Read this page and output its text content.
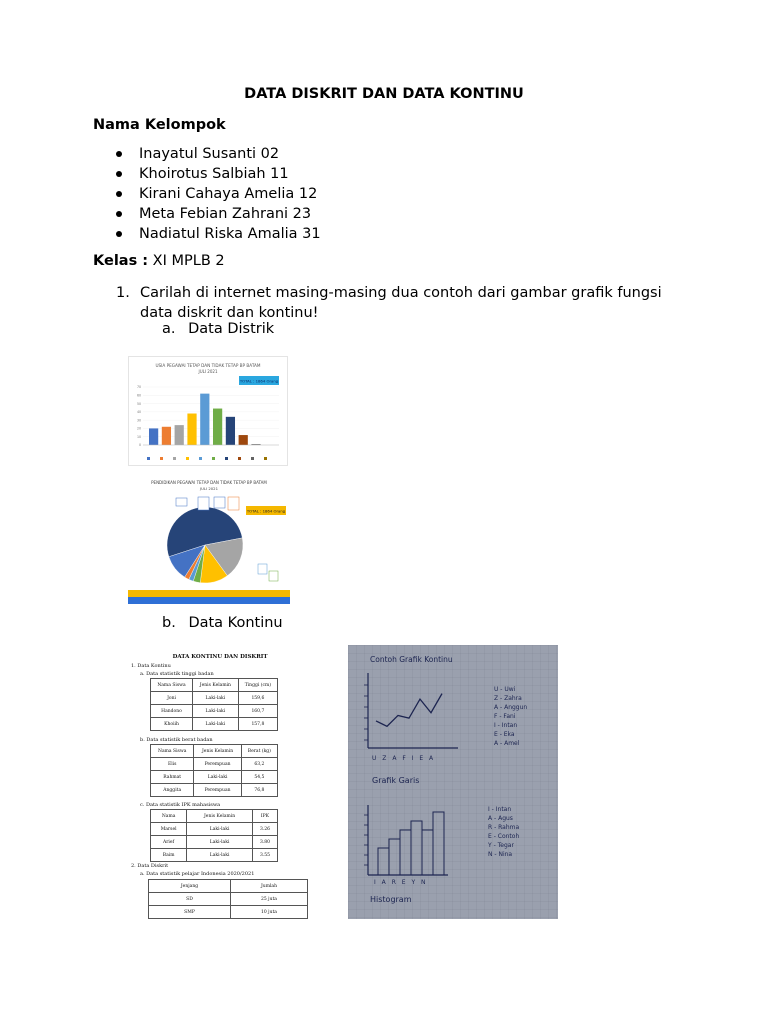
DATA DISKRIT DAN DATA KONTINU
Nama Kelompok
Inayatul Susanti 02
Khoirotus Salbiah 11
Kirani Cahaya Amelia 12
Meta Febian Zahrani 23
Nadiatul Riska Amalia 31
Kelas : XI MPLB 2
1. Carilah di internet masing-masing dua contoh dari gambar grafik fungsi data diskrit dan kontinu!
a. Data Distrik
USIA PEGAWAI TETAP DAN TIDAK TETAP BP BATAM
JULI 2021
TOTAL : 1864 Orang
0
10
20
30
40
50
60
70
PENDIDIKAN PEGAWAI TETAP DAN TIDAK TETAP BP BATAM
JULI 2021
TOTAL : 1864 Orang
b. Data Kontinu
DATA KONTINU DAN DISKRIT
1. Data Kontinu
a. Data statistik tinggi badan
Nama Siswa	Jenis Kelamin	Tinggi (cm)
Joni	Laki-laki	159,6
Handono	Laki-laki	160,7
Khoiih	Laki-laki	157,8
b. Data statistik berat badan
Nama Siswa	Jenis Kelamin	Berat (kg)
Elis	Perempuan	63,2
Rahmat	Laki-laki	54,5
Anggita	Perempuan	76,8
c. Data statistik IPK mahasiswa
Nama	Jenis Kelamin	IPK
Marsel	Laki-laki	3.26
Arief	Laki-laki	3.80
Baim	Laki-laki	3.55
2. Data Diskrit
a. Data statistik pelajar Indonesia 2020/2021
Jenjang	Jumlah
SD	25 juta
SMP	10 juta
Contoh Grafik Kontinu
U Z A F I E A
Grafik Garis
U - Uwi
Z - Zahra
A - Anggun
F - Fani
I - Intan
E - Eka
A - Amel
I A R E Y N
Histogram
I - Intan
A - Agus
R - Rahma
E - Contoh
Y - Tegar
N - Nina
